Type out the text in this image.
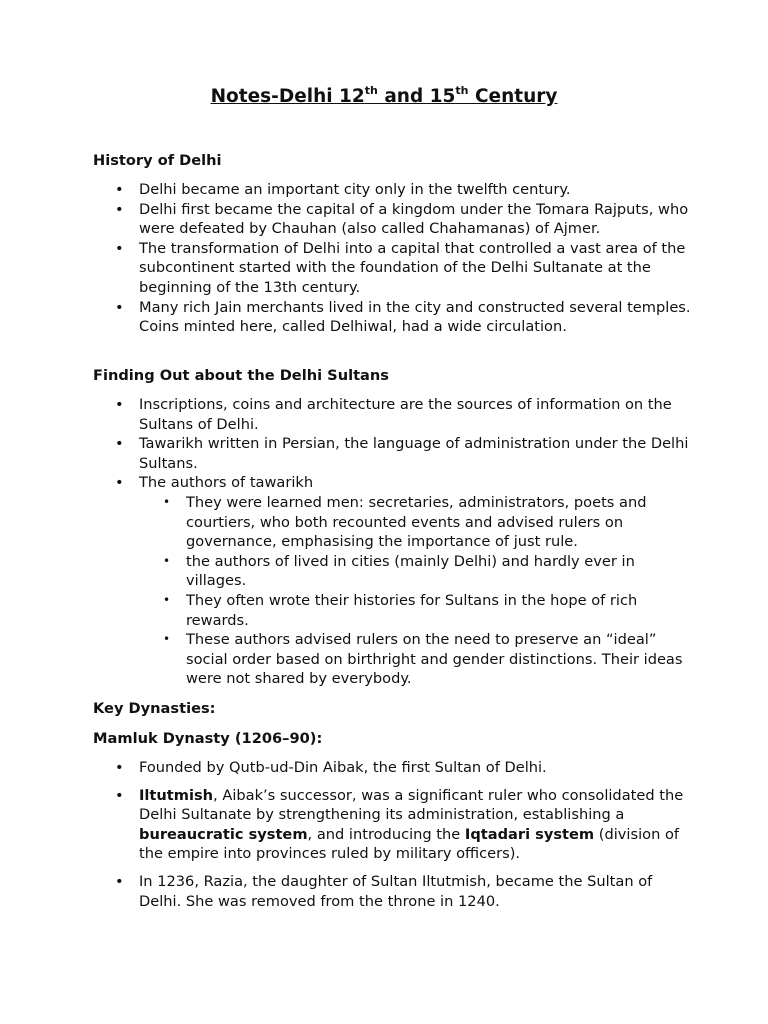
Notes-Delhi 12th and 15th Century

History of Delhi

• Delhi became an important city only in the twelfth century.
• Delhi first became the capital of a kingdom under the Tomara Rajputs, who were defeated by Chauhan (also called Chahamanas) of Ajmer.
• The transformation of Delhi into a capital that controlled a vast area of the subcontinent started with the foundation of the Delhi Sultanate at the beginning of the 13th century.
• Many rich Jain merchants lived in the city and constructed several temples. Coins minted here, called Delhiwal, had a wide circulation.

Finding Out about the Delhi Sultans

• Inscriptions, coins and architecture are the sources of information on the Sultans of Delhi.
• Tawarikh written in Persian, the language of administration under the Delhi Sultans.
• The authors of tawarikh
• They were learned men: secretaries, administrators, poets and courtiers, who both recounted events and advised rulers on governance, emphasising the importance of just rule.
• the authors of lived in cities (mainly Delhi) and hardly ever in villages.
• They often wrote their histories for Sultans in the hope of rich rewards.
• These authors advised rulers on the need to preserve an “ideal” social order based on birthright and gender distinctions. Their ideas were not shared by everybody.

Key Dynasties:

Mamluk Dynasty (1206–90):

• Founded by Qutb-ud-Din Aibak, the first Sultan of Delhi.
• Iltutmish, Aibak’s successor, was a significant ruler who consolidated the Delhi Sultanate by strengthening its administration, establishing a bureaucratic system, and introducing the Iqtadari system (division of the empire into provinces ruled by military officers).
• In 1236, Razia, the daughter of Sultan Iltutmish, became the Sultan of Delhi. She was removed from the throne in 1240.
